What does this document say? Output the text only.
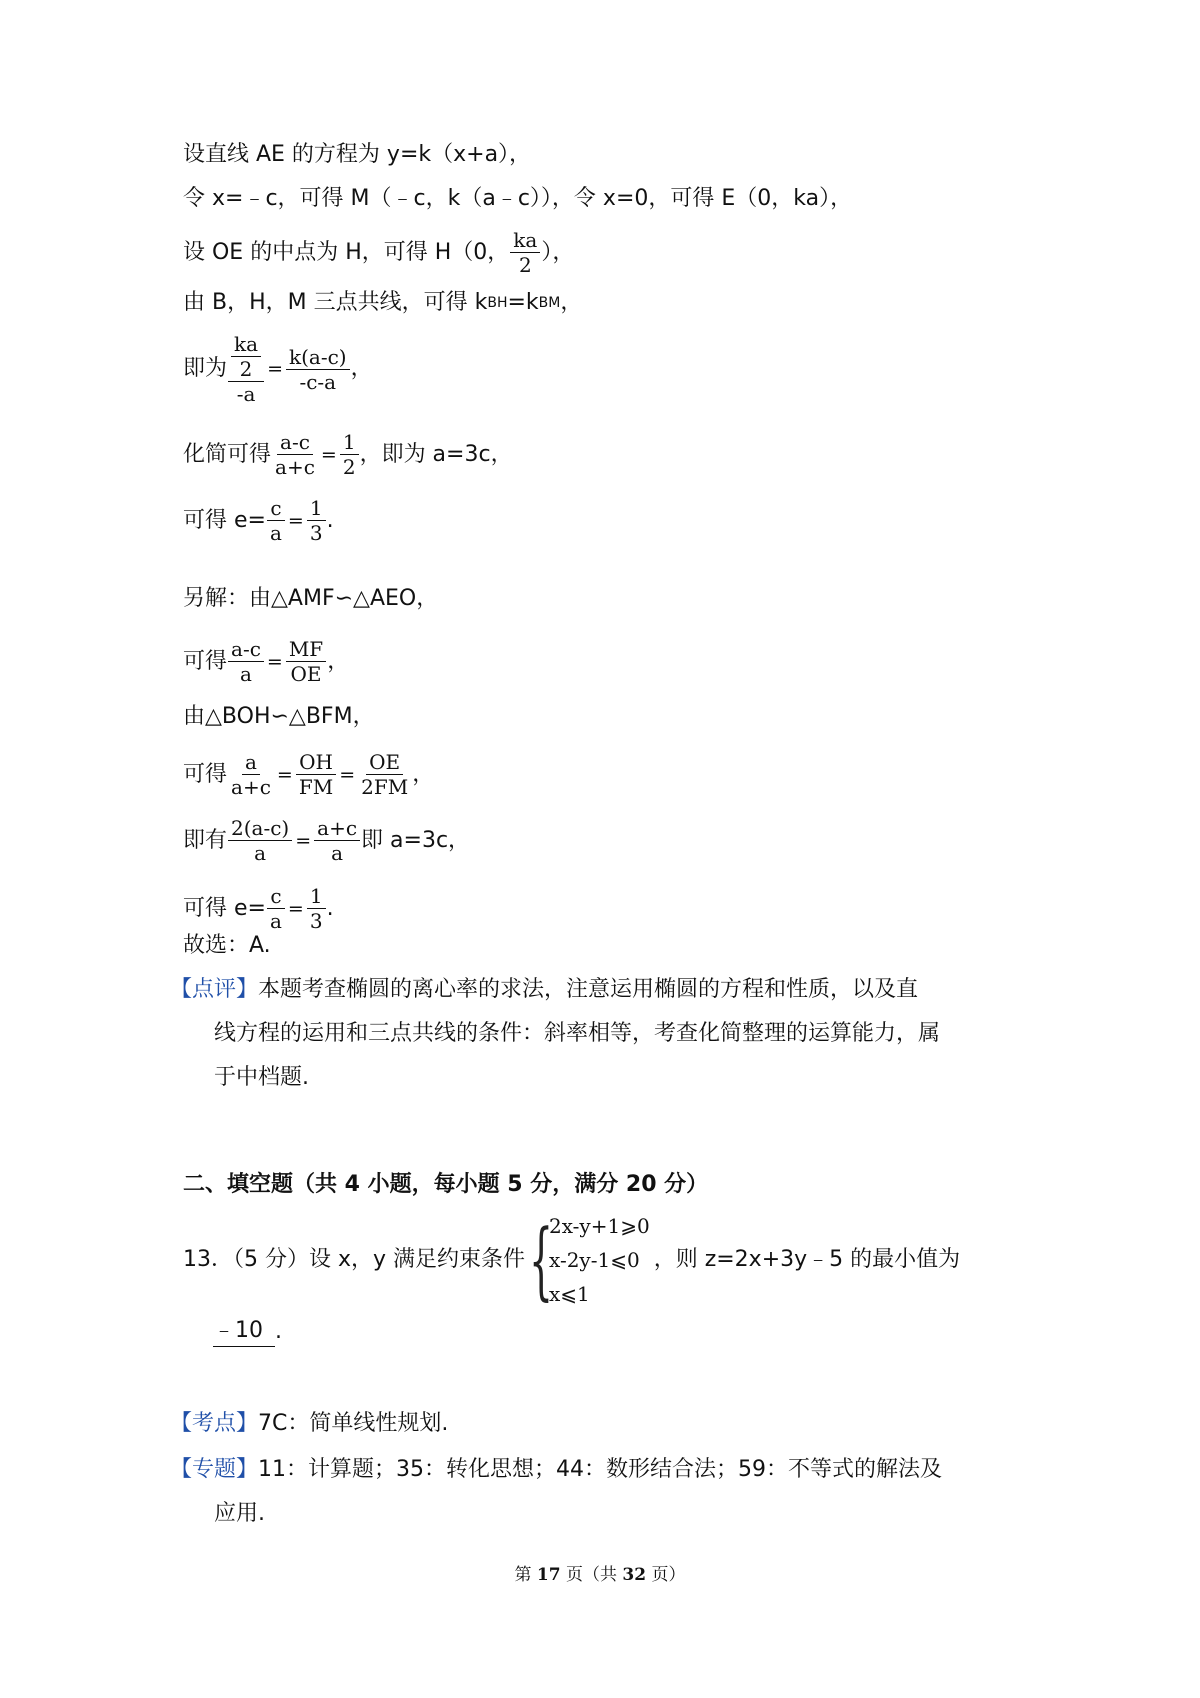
设直线 AE 的方程为 y=k（x+a），
令 x=﹣c，可得 M（﹣c，k（a﹣c）），令 x=0，可得 E（0，ka），
设 OE 的中点为 H，可得 H（0， $\frac{ka}{2}$ ），
由 B，H，M 三点共线，可得 k BH =k BM ，
即为 $\frac{\frac{ka}{2}}{-a} = \frac{k(a-c)}{-c-a}$ ，
化简可得 $\frac{a-c}{a+c} = \frac{1}{2}$ ，即为 a=3c，
可得 $e= \frac{c}{a} = \frac{1}{3}$ .
另解：由△AMF∽△AEO，
可得 $\frac{a-c}{a} = \frac{MF}{OE}$ ，
由△BOH∽△BFM，
可得 $\frac{a}{a+c} = \frac{OH}{FM} = \frac{OE}{2FM}$ ，
即有 $\frac{2(a-c)}{a} = \frac{a+c}{a}$ 即 a=3c，
可得 $e= \frac{c}{a} = \frac{1}{3}$ .
故选：A.
【点评】本题考查椭圆的离心率的求法，注意运用椭圆的方程和性质，以及直
线方程的运用和三点共线的条件：斜率相等，考查化简整理的运算能力，属
于中档题.
二、填空题（共 4 小题，每小题 5 分，满分 20 分）
13．（5 分）设 x，y 满足约束条件 {
2x-y+1⩾0
x-2y-1⩽0
x⩽1
，则 z=2x+3y﹣5 的最小值为
﹣10 .
【考点】7C：简单线性规划.
【专题】11：计算题；35：转化思想；44：数形结合法；59：不等式的解法及
应用.
第 17 页（共 32 页）
